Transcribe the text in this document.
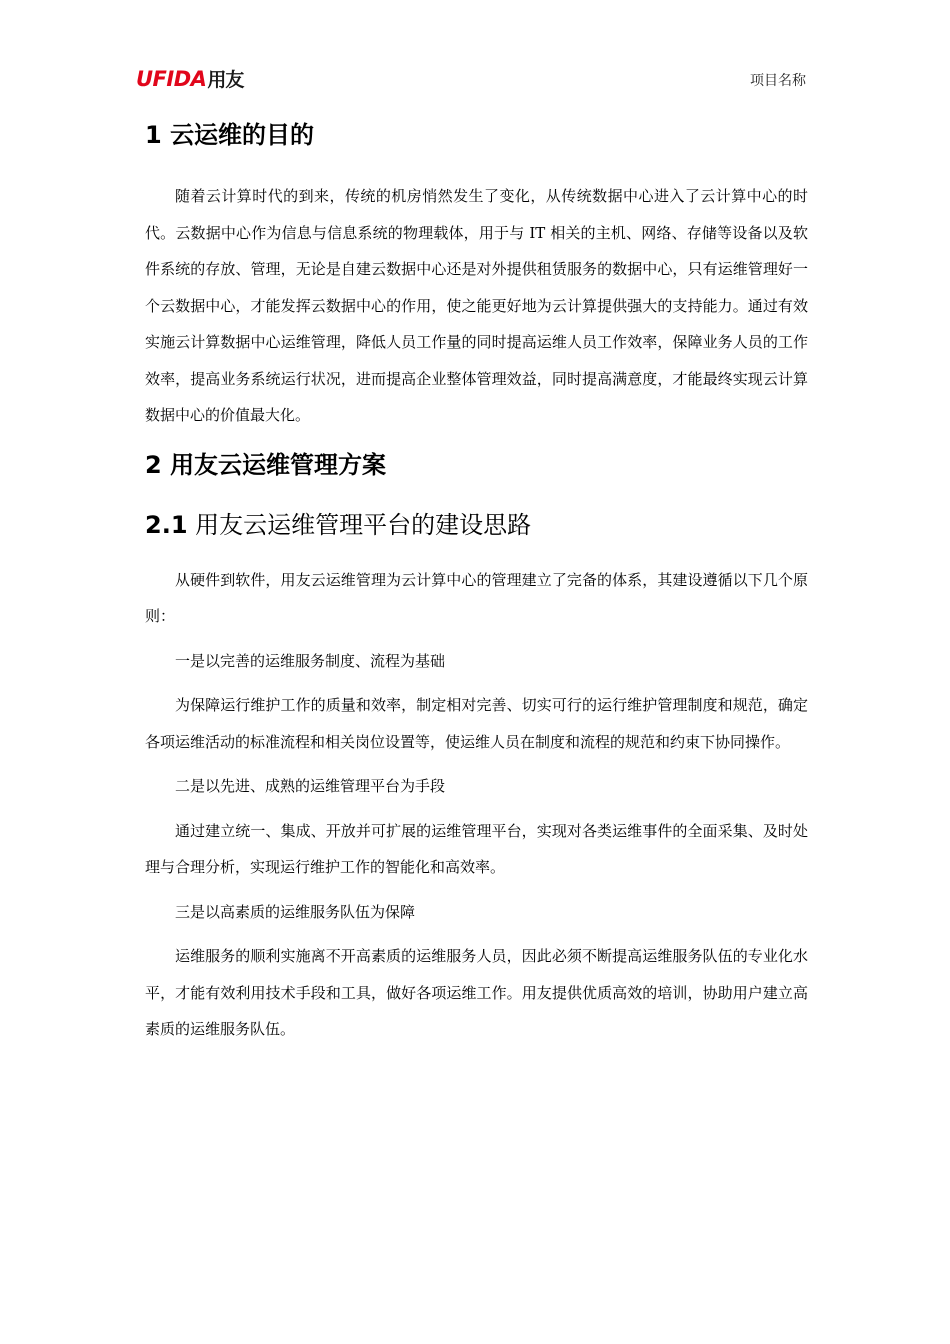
UFIDA 用友	项目名称
1 云运维的目的

随着云计算时代的到来，传统的机房悄然发生了变化，从传统数据中心进入了云计算中心的时代。云数据中心作为信息与信息系统的物理载体，用于与 IT 相关的主机、网络、存储等设备以及软件系统的存放、管理，无论是自建云数据中心还是对外提供租赁服务的数据中心，只有运维管理好一个云数据中心，才能发挥云数据中心的作用，使之能更好地为云计算提供强大的支持能力。通过有效实施云计算数据中心运维管理，降低人员工作量的同时提高运维人员工作效率，保障业务人员的工作效率，提高业务系统运行状况，进而提高企业整体管理效益，同时提高满意度，才能最终实现云计算数据中心的价值最大化。

2 用友云运维管理方案
2.1 用友云运维管理平台的建设思路

从硬件到软件，用友云运维管理为云计算中心的管理建立了完备的体系，其建设遵循以下几个原则：

一是以完善的运维服务制度、流程为基础

为保障运行维护工作的质量和效率，制定相对完善、切实可行的运行维护管理制度和规范，确定各项运维活动的标准流程和相关岗位设置等，使运维人员在制度和流程的规范和约束下协同操作。

二是以先进、成熟的运维管理平台为手段

通过建立统一、集成、开放并可扩展的运维管理平台，实现对各类运维事件的全面采集、及时处理与合理分析，实现运行维护工作的智能化和高效率。

三是以高素质的运维服务队伍为保障

运维服务的顺利实施离不开高素质的运维服务人员，因此必须不断提高运维服务队伍的专业化水平，才能有效利用技术手段和工具，做好各项运维工作。用友提供优质高效的培训，协助用户建立高素质的运维服务队伍。
